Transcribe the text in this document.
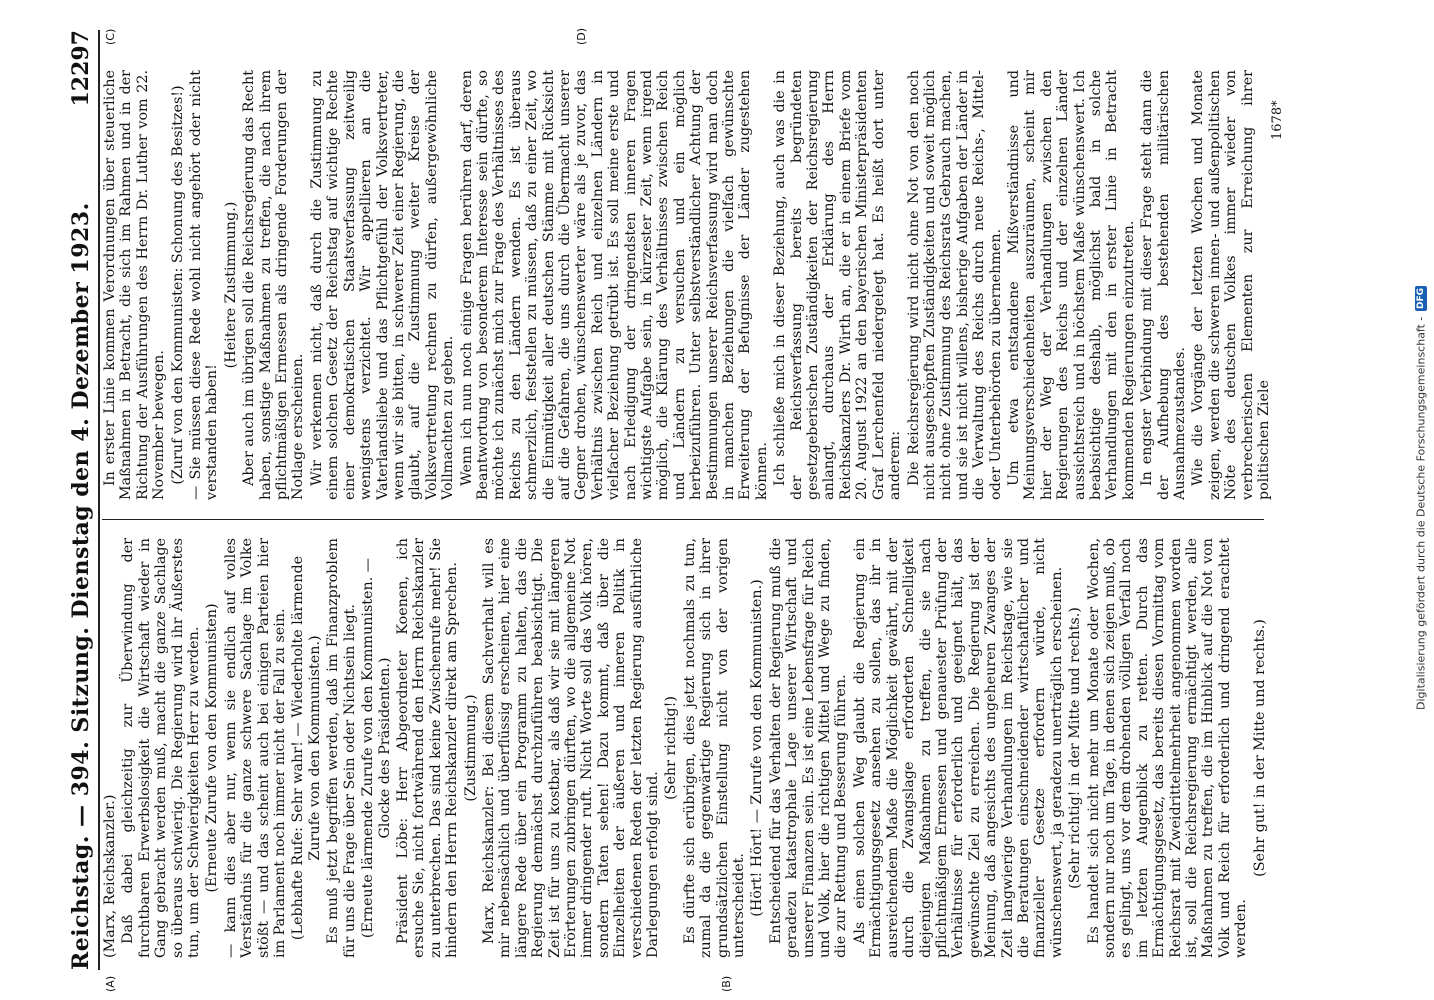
Reichstag. — 394. Sitzung. Dienstag den 4. Dezember 1923.
12297
(A)	(B)
(C)	(D)

(Marx, Reichskanzler.) Daß dabei gleichzeitig zur Überwindung der furchtbaren Erwerbslosigkeit die Wirtschaft wieder in Gang gebracht werden muß, macht die ganze Sachlage so überaus schwierig. Die Regierung wird ihr Äußerstes tun, um der Schwierigkeiten Herr zu werden. (Erneute Zurufe von den Kommunisten) — kann dies aber nur, wenn sie endlich auf volles Verständnis für die ganze schwere Sachlage im Volke stößt — und das scheint auch bei einigen Parteien hier im Parlament noch immer nicht der Fall zu sein. (Lebhafte Rufe: Sehr wahr! — Wiederholte lärmende Zurufe von den Kommunisten.) Es muß jetzt begriffen werden, daß im Finanzproblem für uns die Frage über Sein oder Nichtsein liegt. (Erneute lärmende Zurufe von den Kommunisten. — Glocke des Präsidenten.) Präsident Löbe: Herr Abgeordneter Koenen, ich ersuche Sie, nicht fortwährend den Herrn Reichskanzler zu unterbrechen. Das sind keine Zwischenrufe mehr! Sie hindern den Herrn Reichskanzler direkt am Sprechen. (Zustimmung.) Marx, Reichskanzler: Bei diesem Sachverhalt will es mir nebensächlich und überflüssig erscheinen, hier eine längere Rede über ein Programm zu halten, das die Regierung demnächst durchzuführen beabsichtigt. Die Zeit ist für uns zu kostbar, als daß wir sie mit längeren Erörterungen zubringen dürften, wo die allgemeine Not immer dringender ruft. Nicht Worte soll das Volk hören, sondern Taten sehen! Dazu kommt, daß über die Einzelheiten der äußeren und inneren Politik in verschiedenen Reden der letzten Regierung ausführliche Darlegungen erfolgt sind.

(Sehr richtig!) Es dürfte sich erübrigen, dies jetzt nochmals zu tun, zumal da die gegenwärtige Regierung sich in ihrer grundsätzlichen Einstellung nicht von der vorigen unterscheidet. (Hört! Hört! — Zurufe von den Kommunisten.) Entscheidend für das Verhalten der Regierung muß die geradezu katastrophale Lage unserer Wirtschaft und unserer Finanzen sein. Es ist eine Lebensfrage für Reich und Volk, hier die richtigen Mittel und Wege zu finden, die zur Rettung und Besserung führen. Als einen solchen Weg glaubt die Regierung ein Ermächtigungsgesetz ansehen zu sollen, das ihr in ausreichendem Maße die Möglichkeit gewährt, mit der durch die Zwangslage erforderten Schnelligkeit diejenigen Maßnahmen zu treffen, die sie nach pflichtmäßigem Ermessen und genauester Prüfung der Verhältnisse für erforderlich und geeignet hält, das gewünschte Ziel zu erreichen. Die Regierung ist der Meinung, daß angesichts des ungeheuren Zwanges der Zeit langwierige Verhandlungen im Reichstage, wie sie die Beratungen einschneidender wirtschaftlicher und finanzieller Gesetze erfordern würde, nicht wünschenswert, ja geradezu unerträglich erscheinen. (Sehr richtig! in der Mitte und rechts.) Es handelt sich nicht mehr um Monate oder Wochen, sondern nur noch um Tage, in denen sich zeigen muß, ob es gelingt, uns vor dem drohenden völligen Verfall noch im letzten Augenblick zu retten. Durch das Ermächtigungsgesetz, das bereits diesen Vormittag vom Reichsrat mit Zweidrittelmehrheit angenommen worden ist, soll die Reichsregierung ermächtigt werden, alle Maßnahmen zu treffen, die im Hinblick auf die Not von Volk und Reich für erforderlich und dringend erachtet werden.

(Sehr gut! in der Mitte und rechts.)

In erster Linie kommen Verordnungen über steuerliche Maßnahmen in Betracht, die sich im Rahmen und in der Richtung der Ausführungen des Herrn Dr. Luther vom 22. November bewegen. (Zuruf von den Kommunisten: Schonung des Besitzes!) — Sie müssen diese Rede wohl nicht angehört oder nicht verstanden haben!

(Heitere Zustimmung.) Aber auch im übrigen soll die Reichsregierung das Recht haben, sonstige Maßnahmen zu treffen, die nach ihrem pflichtmäßigen Ermessen als dringende Forderungen der Notlage erscheinen. Wir verkennen nicht, daß durch die Zustimmung zu einem solchen Gesetz der Reichstag auf wichtige Rechte einer demokratischen Staatsverfassung zeitweilig wenigstens verzichtet. Wir appellieren an die Vaterlandsliebe und das Pflichtgefühl der Volksvertreter, wenn wir sie bitten, in schwerer Zeit einer Regierung, die glaubt, auf die Zustimmung weiter Kreise der Volksvertretung rechnen zu dürfen, außergewöhnliche Vollmachten zu geben. Wenn ich nun noch einige Fragen berühren darf, deren Beantwortung von besonderem Interesse sein dürfte, so möchte ich zunächst mich zur Frage des Verhältnisses des Reichs zu den Ländern wenden. Es ist überaus schmerzlich, feststellen zu müssen, daß zu einer Zeit, wo die Einmütigkeit aller deutschen Stämme mit Rücksicht auf die Gefahren, die uns durch die Übermacht unserer Gegner drohen, wünschenswerter wäre als je zuvor, das Verhältnis zwischen Reich und einzelnen Ländern in vielfacher Beziehung getrübt ist. Es soll meine erste und nach Erledigung der dringendsten inneren Fragen wichtigste Aufgabe sein, in kürzester Zeit, wenn irgend möglich, die Klärung des Verhältnisses zwischen Reich und Ländern zu versuchen und ein möglich herbeizuführen. Unter selbstverständlicher Achtung der Bestimmungen unserer Reichsverfassung wird man doch in manchen Beziehungen die vielfach gewünschte Erweiterung der Befugnisse der Länder zugestehen können. Ich schließe mich in dieser Beziehung, auch was die in der Reichsverfassung bereits begründeten gesetzgeberischen Zuständigkeiten der Reichsregierung anlangt, durchaus der Erklärung des Herrn Reichskanzlers Dr. Wirth an, die er in einem Briefe vom 20. August 1922 an den bayerischen Ministerpräsidenten Graf Lerchenfeld niedergelegt hat. Es heißt dort unter anderem: Die Reichsregierung wird nicht ohne Not von den noch nicht ausgeschöpften Zuständigkeiten und soweit möglich nicht ohne Zustimmung des Reichsrats Gebrauch machen, und sie ist nicht willens, bisherige Aufgaben der Länder in die Verwaltung des Reichs durch neue Reichs-, Mittel- oder Unterbehörden zu übernehmen. Um etwa entstandene Mißverständnisse und Meinungsverschiedenheiten auszuräumen, scheint mir hier der Weg der Verhandlungen zwischen den Regierungen des Reichs und der einzelnen Länder aussichtsreich und in höchstem Maße wünschenswert. Ich beabsichtige deshalb, möglichst bald in solche Verhandlungen mit den in erster Linie in Betracht kommenden Regierungen einzutreten. In engster Verbindung mit dieser Frage steht dann die der Aufhebung des bestehenden militärischen Ausnahmezustandes. Wie die Vorgänge der letzten Wochen und Monate zeigen, werden die schweren innen- und außenpolitischen Nöte des deutschen Volkes immer wieder von verbrecherischen Elementen zur Erreichung ihrer politischen Ziele

1678*
Digitalisierung gefördert durch die Deutsche Forschungsgemeinschaft -
DFG
